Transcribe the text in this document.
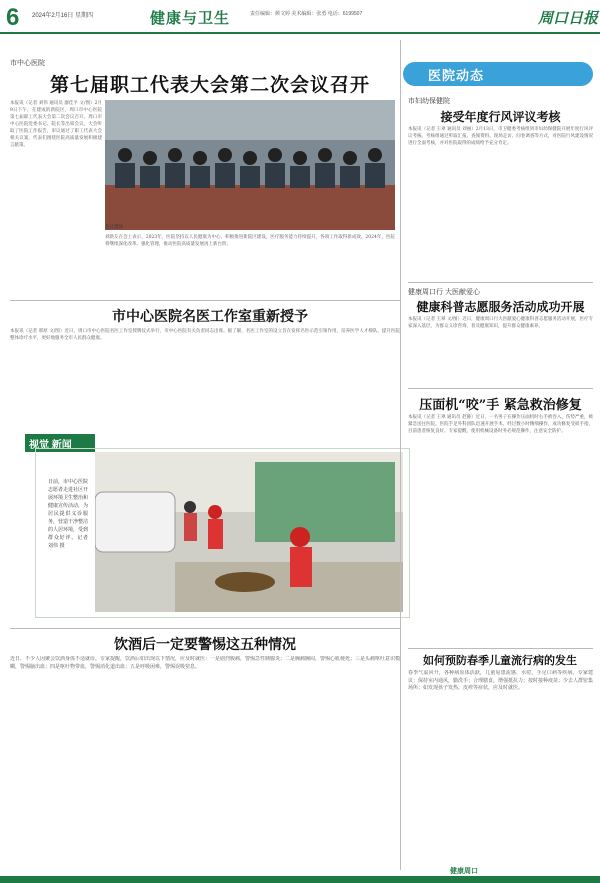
6 2024年2月16日 星期四	健康与卫生	责任编辑：颜文婷 美术编辑：张勇 电话：6199507	周口日报
市中心医院
第七届职工代表大会第二次会议召开
本报讯（记者 刘伟 通讯员 廖佳平 文/图）2月9日下午，在建成的新院区，周口市中心医院第七届职工代表大会第二次会议召开。周口市中心医院党委书记、院长等出席会议，大会听取了医院工作报告，审议通过了职工代表大会相关议案，代表们围绕医院高质量发展积极建言献策。
刘新友在会上表示，2023年，医院坚持以人民健康为中心，积极推进新院区建设，医疗服务能力持续提升，各项工作取得新成效。2024年，医院将继续深化改革、强化管理，推动医院高质量发展再上新台阶。
会议现场
市中心医院名医工作室重新授予
本报讯（记者 邢原 文/图）近日，周口市中心医院名医工作室授牌仪式举行，市中心医院有关负责同志出席。据了解，名医工作室的设立旨在发挥名医示范引领作用，培养医学人才梯队，提升医院整体诊疗水平，更好地服务全市人民群众健康。
视觉 新闻
日前，市中心医院志愿者走进社区开展环境卫生整治和健康宣传活动，为居民提供义诊服务，营造干净整洁的人居环境，受到群众好评。记者 刘伟 摄
饮酒后一定要警惕这五种情况
近日，不少人因聚会饮酒身体不适就诊。专家提醒，饮酒后如出现以下情况，应及时就医：一是剧烈腹痛，警惕急性胰腺炎；二是胸痛胸闷，警惕心肌梗死；三是头痛呕吐意识模糊，警惕脑出血；四是呕吐物带血，警惕消化道出血；五是呼吸困难，警惕误吸窒息。
医院动态
市妇幼保健院
接受年度行风评议考核
本报讯（记者 王翠 通讯员 刘丽）2月13日，市卫健委考核组到市妇幼保健院开展年度行风评议考核。考核组通过听取汇报、查阅资料、现场走访、问卷调查等方式，对医院行风建设情况进行全面考核，并对医院取得的成绩给予充分肯定。
健康周口行 大医献爱心
健康科普志愿服务活动成功开展
本报讯（记者 王翠 文/图）近日，健康周口行大医献爱心健康科普志愿服务活动开展，医疗专家深入基层，为群众义诊咨询、普及健康知识，提升群众健康素养。
压面机“咬”手 紧急救治修复
本报讯（记者 王翠 通讯员 赵静）近日，一名男子在操作压面机时右手被卷入，伤势严重，被紧急送往医院。医院手足外科团队迅速开展手术，经过数小时精细操作，成功修复受损手指，目前患者恢复良好。专家提醒，使用机械设备时务必规范操作，注意安全防护。
如何预防春季儿童流行病的发生
春季气温回升，各种病原体活跃，儿童易患流感、水痘、手足口病等疾病。专家建议：保持室内通风，勤洗手；合理膳食，增强抵抗力；按时接种疫苗；少去人群密集场所；如发现孩子发热、皮疹等症状，应及时就医。
健康周口
